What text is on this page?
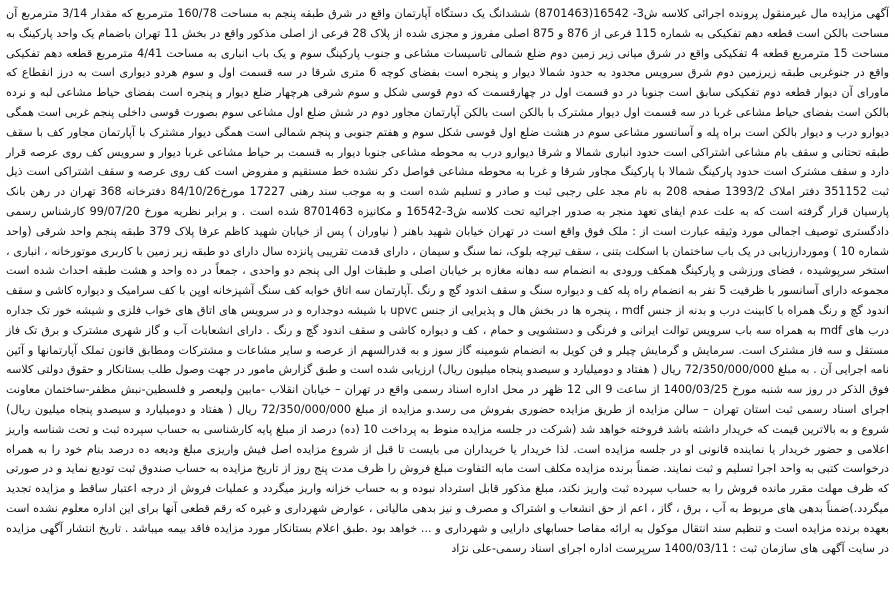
آگهی مزایده مال غیرمنقول پرونده اجرائی کلاسه ش3- 16542(8701463) ششدانگ یک دستگاه آپارتمان واقع در شرق طبقه پنجم به مساحت 160/78 مترمربع که مقدار 3/14 مترمربع آن مساحت بالکن است قطعه دهم تفکیکی به شماره 115 فرعی از 876 و 875 اصلی مفروز و مجزی شده از پلاک 28 فرعی از اصلی مذکور واقع در بخش 11 تهران باضمام یک واحد پارکینگ به مساحت 15 مترمربع قطعه 4 تفکیکی واقع در شرق میانی زیر زمین دوم ضلع شمالی تاسیسات مشاعی و جنوب پارکینگ سوم و یک باب انباری به مساحت 4/41 مترمربع قطعه دهم تفکیکی واقع در جنوغربی طبقه زیرزمین دوم شرق سرویس محدود به حدود شمالا دیوار و پنجره است بفضای کوچه 6 متری شرقا در سه قسمت اول و سوم هردو دیواری است به درز انقطاع که ماورای آن دیوار قطعه دوم تفکیکی سابق است جنوبا در دو قسمت اول در چهارقسمت که دوم قوسی شکل و سوم شرقی هرچهار ضلع دیوار و پنجره است بفضای حیاط مشاعی لبه و نرده بالکن است بفضای حیاط مشاعی غربا در سه قسمت اول دیوار مشترک با بالکن است بالکن آپارتمان مجاور دوم در شش ضلع اول مشاعی سوم بصورت قوسی داخلی پنجم غربی است همگی دیوارو درب و دیوار بالکن است براه پله و آسانسور مشاعی سوم در هشت ضلع اول قوسی شکل سوم و هفتم جنوبی و پنجم شمالی است همگی دیوار مشترک با آپارتمان مجاور کف با سقف طبقه تحتانی و سقف بام مشاعی اشتراکی است حدود انباری شمالا و شرقا دیوارو درب به محوطه مشاعی جنوبا دیوار به قسمت بر حیاط مشاعی غربا دیوار و سرویس کف روی عرصه قرار دارد و سقف مشترک است حدود پارکینگ شمالا با پارکینگ مجاور شرقا و غربا به محوطه مشاعی فواصل دکر نشده خط مستقیم و مفروض است کف روی عرصه و سقف اشتراکی است ذیل ثبت 351152 دفتر املاک 1393/2 صفحه 208 به نام مجد علی رجبی ثبت و صادر و تسلیم شده است و به موجب سند رهنی 17227 مورخ84/10/26 دفترخانه 368 تهران در رهن بانک پارسیان قرار گرفته است که به علت عدم ایفای تعهد منجر به صدور اجرائیه تحت کلاسه ش3-16542 و مکانیزه 8701463 شده است . و برابر نظریه مورخ 99/07/20 کارشناس رسمی دادگستری توصیف اجمالی مورد وثیقه عبارت است از : ملک فوق واقع است در تهران خیابان شهید باهنر ( نیاوران ) پس از خیابان شهید کاظم عرفا پلاک 379 طبقه پنجم واحد شرقی (واحد شماره 10 ) وموردارزیابی در یک باب ساختمان با اسکلت بتنی ، سقف تیرچه بلوک، نما سنگ و سیمان ، دارای قدمت تقریبی پانزده سال دارای دو طبقه زیر زمین با کاربری موتورخانه ، انباری ، استخر سرپوشیده ، فضای ورزشی و پارکینگ همکف ورودی به انضمام سه دهانه مغازه بر خیابان اصلی و طبقات اول الی پنجم دو واحدی ، جمعاً در ده واحد و هشت طبقه احداث شده است مجموعه دارای آسانسور با ظرفیت 5 نفر به انضمام راه پله کف و دیواره سنگ و سقف اندود گچ و رنگ .آپارتمان سه اتاق خوابه کف سنگ آشپزخانه اوپن با کف سرامیک و دیواره کاشی و سقف اندود گچ و رنگ همراه با کابینت درب و بدنه از جنس mdf ، پنجره ها در بخش هال و پذیرایی از جنس upvc با شیشه دوجداره و در سرویس های اتاق های خواب فلزی و شیشه خور تک جداره درب های mdf به همراه سه باب سرویس توالت ایرانی و فرنگی و دستشویی و حمام ، کف و دیواره کاشی و سقف اندود گچ و رنگ . دارای انشعابات آب و گاز شهری مشترک و برق تک فاز مستقل و سه فاز مشترک است. سرمایش و گرمایش چیلر و فن کویل به انضمام شومینه گاز سوز و به قدرالسهم از عرصه و سایر مشاعات و مشترکات ومطابق قانون تملک آپارتمانها و آئین نامه اجرایی آن . به مبلغ 72/350/000/000 ریال ( هفتاد و دومیلیارد و سیصدو پنجاه میلیون ریال) ارزیابی شده است و طبق گزارش مامور در جهت وصول طلب بستانکار و حقوق دولتی کلاسه فوق الذکر در روز سه شنبه مورخ 1400/03/25 از ساعت 9 الی 12 ظهر در محل اداره اسناد رسمی واقع در تهران – خیابان انقلاب -مابین ولیعصر و فلسطین-نبش مظفر-ساختمان معاونت اجرای اسناد رسمی ثبت استان تهران – سالن مزایده از طریق مزایده حضوری بفروش می رسد.و مزایده از مبلغ 72/350/000/000 ریال ( هفتاد و دومیلیارد و سیصدو پنجاه میلیون ریال) شروع و به بالاترین قیمت که خریدار داشته باشد فروخته خواهد شد (شرکت در جلسه مزایده منوط به پرداخت 10 (ده) درصد از مبلغ پایه کارشناسی به حساب سپرده ثبت و تحت شناسه واریز اعلامی و حضور خریدار یا نماینده قانونی او در جلسه مزایده است. لذا خریدار یا خریداران می بایست تا قبل از شروع مزایده اصل فیش واریزی مبلغ ودیعه ده درصد بنام خود را به همراه درخواست کتبی به واحد اجرا تسلیم و ثبت نمایند. ضمناً برنده مزایده مکلف است مابه التفاوت مبلغ فروش را ظرف مدت پنج روز از تاریخ مزایده به حساب صندوق ثبت تودیع نماید و در صورتی که ظرف مهلت مقرر مانده فروش را به حساب سپرده ثبت واریز نکند، مبلغ مذکور قابل استرداد نبوده و به حساب خزانه واریز میگردد و عملیات فروش از درجه اعتبار ساقط و مزایده تجدید میگردد.)ضمناً بدهی های مربوط به آب ، برق ، گاز ، اعم از حق انشعاب و اشتراک و مصرف و نیز بدهی مالیاتی ، عوارض شهرداری و غیره که رقم قطعی آنها برای این اداره معلوم نشده است بعهده برنده مزایده است و تنظیم سند انتقال موکول به ارائه مفاصا حسابهای دارایی و شهرداری و ... خواهد بود .طبق اعلام بستانکار مورد مزایده فاقد بیمه میباشد . تاریخ انتشار آگهی مزایده در سایت آگهی های سازمان ثبت : 1400/03/11 سرپرست اداره اجرای اسناد رسمی-علی نژاد
